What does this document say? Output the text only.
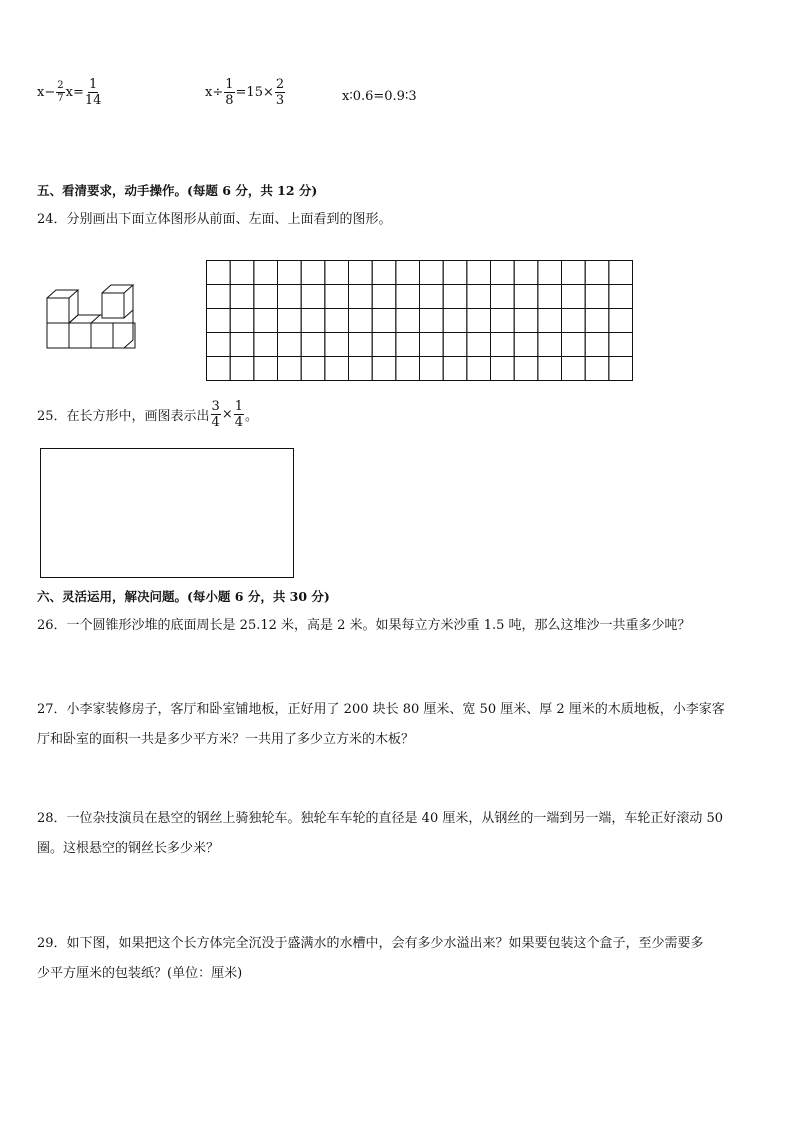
$x - \frac{2}{7}$ $x = \frac{1}{14}$	$x \div \frac{1}{8} =15\times \frac{2}{3}$	x∶0.6=0.9∶3
五、看清要求，动手操作。(每题 6 分，共 12 分)
24．分别画出下面立体图形从前面、左面、上面看到的图形。
25．在长方形中，画图表示出 $\frac{3}{4} \times \frac{1}{4}$ 。
六、灵活运用，解决问题。(每小题 6 分，共 30 分)
26．一个圆锥形沙堆的底面周长是 25.12 米，高是 2 米。如果每立方米沙重 1.5 吨，那么这堆沙一共重多少吨？
27．小李家装修房子，客厅和卧室铺地板，正好用了 200 块长 80 厘米、宽 50 厘米、厚 2 厘米的木质地板，小李家客
厅和卧室的面积一共是多少平方米？一共用了多少立方米的木板？
28．一位杂技演员在悬空的钢丝上骑独轮车。独轮车车轮的直径是 40 厘米，从钢丝的一端到另一端，车轮正好滚动 50
圈。这根悬空的钢丝长多少米？
29．如下图，如果把这个长方体完全沉没于盛满水的水槽中，会有多少水溢出来？如果要包装这个盒子，至少需要多
少平方厘米的包装纸？(单位：厘米)
